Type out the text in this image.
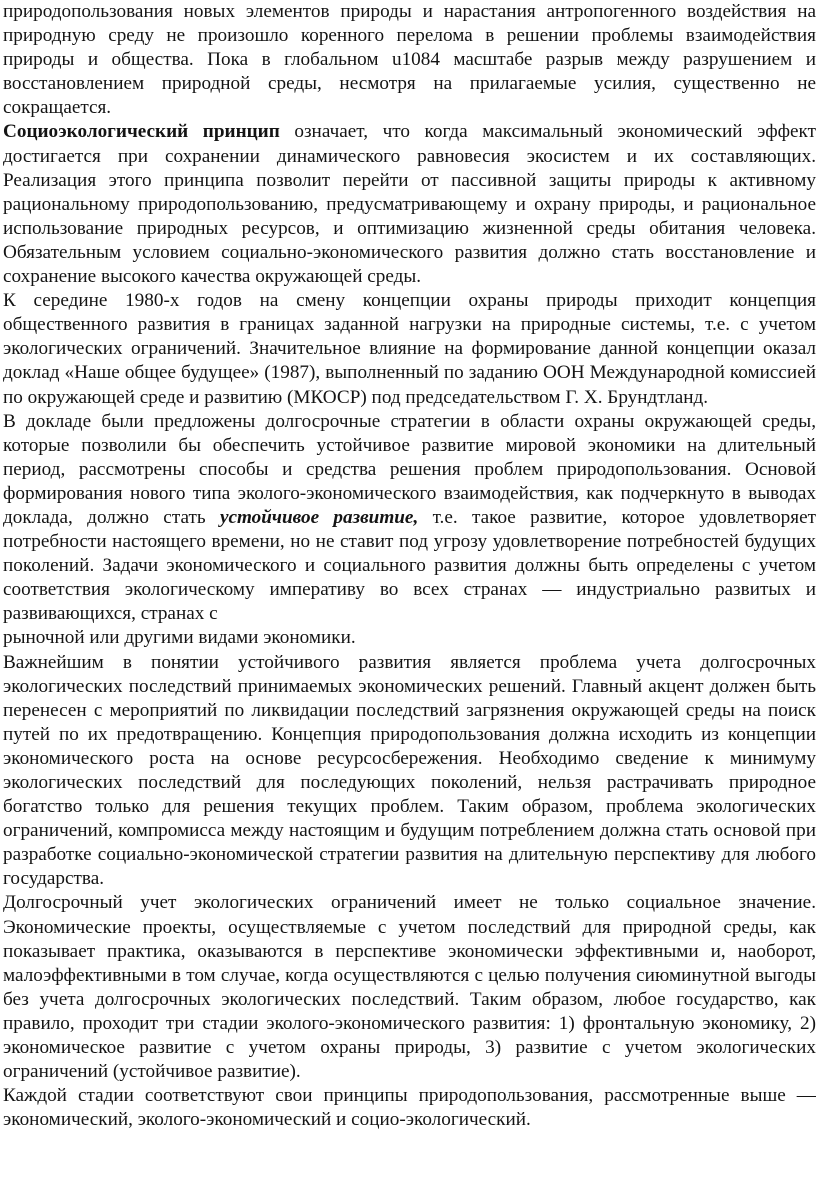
природопользования новых элементов природы и нарастания антропогенного воздействия на природную среду не произошло коренного перелома в решении проблемы взаимодействия природы и общества. Пока в глобальном u1084 масштабе разрыв между разрушением и восстановлением природной среды, несмотря на прилагаемые усилия, существенно не сокращается.

Социоэкологический принцип означает, что когда максимальный экономический эффект достигается при сохранении динамического равновесия экосистем и их составляющих. Реализация этого принципа позволит перейти от пассивной защиты природы к активному рациональному природопользованию, предусматривающему и охрану природы, и рациональное использование природных ресурсов, и оптимизацию жизненной среды обитания человека. Обязательным условием социально-экономического развития должно стать восстановление и сохранение высокого качества окружающей среды.

К середине 1980-х годов на смену концепции охраны природы приходит концепция общественного развития в границах заданной нагрузки на природные системы, т.е. с учетом экологических ограничений. Значительное влияние на формирование данной концепции оказал доклад «Наше общее будущее» (1987), выполненный по заданию ООН Международной комиссией по окружающей среде и развитию (МКОСР) под председательством Г. Х. Брундтланд.

В докладе были предложены долгосрочные стратегии в области охраны окружающей среды, которые позволили бы обеспечить устойчивое развитие мировой экономики на длительный период, рассмотрены способы и средства решения проблем природопользования. Основой формирования нового типа эколого-экономического взаимодействия, как подчеркнуто в выводах доклада, должно стать устойчивое развитие, т.е. такое развитие, которое удовлетворяет потребности настоящего времени, но не ставит под угрозу удовлетворение потребностей будущих поколений. Задачи экономического и социального развития должны быть определены с учетом соответствия экологическому императиву во всех странах — индустриально развитых и развивающихся, странах с

рыночной или другими видами экономики.

Важнейшим в понятии устойчивого развития является проблема учета долгосрочных экологических последствий принимаемых экономических решений. Главный акцент должен быть перенесен с мероприятий по ликвидации последствий загрязнения окружающей среды на поиск путей по их предотвращению. Концепция природопользования должна исходить из концепции экономического роста на основе ресурсосбережения. Необходимо сведение к минимуму экологических последствий для последующих поколений, нельзя растрачивать природное богатство только для решения текущих проблем. Таким образом, проблема экологических ограничений, компромисса между настоящим и будущим потреблением должна стать основой при разработке социально-экономической стратегии развития на длительную перспективу для любого государства.

Долгосрочный учет экологических ограничений имеет не только социальное значение. Экономические проекты, осуществляемые с учетом последствий для природной среды, как показывает практика, оказываются в перспективе экономически эффективными и, наоборот, малоэффективными в том случае, когда осуществляются с целью получения сиюминутной выгоды без учета долгосрочных экологических последствий. Таким образом, любое государство, как правило, проходит три стадии эколого-экономического развития: 1) фронтальную экономику, 2) экономическое развитие с учетом охраны природы, 3) развитие с учетом экологических ограничений (устойчивое развитие).

Каждой стадии соответствуют свои принципы природопользования, рассмотренные выше — экономический, эколого-экономический и социо-экологический.
